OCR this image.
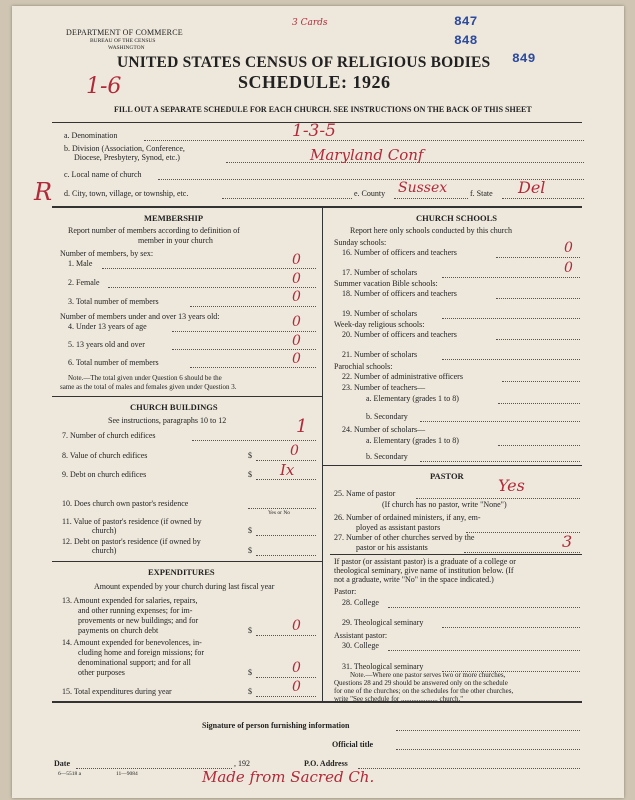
DEPARTMENT OF COMMERCE
BUREAU OF THE CENSUS
WASHINGTON
3 Cards	847
848
849
UNITED STATES CENSUS OF RELIGIOUS BODIES
SCHEDULE: 1926
1-6
FILL OUT A SEPARATE SCHEDULE FOR EACH CHURCH. SEE INSTRUCTIONS ON THE BACK OF THIS SHEET
a. Denomination	1-3-5
b. Division (Association, Conference,
Diocese, Presbytery, Synod, etc.)	Maryland Conf
c. Local name of church
d. City, town, village, or township, etc.	e. County Sussex	f. State Del
R
MEMBERSHIP
Report number of members according to definition of
member in your church
Number of members, by sex:
1. Male	0
2. Female	0
3. Total number of members	0
Number of members under and over 13 years old:
4. Under 13 years of age	0
5. 13 years old and over	0
6. Total number of members	0
Note.—The total given under Question 6 should be the
same as the total of males and females given under Question 3.
CHURCH BUILDINGS
See instructions, paragraphs 10 to 12
7. Number of church edifices	1
8. Value of church edifices	$	0
9. Debt on church edifices	$ Ix
10. Does church own pastor's residence
Yes or No
11. Value of pastor's residence (if owned by
church)	$
12. Debt on pastor's residence (if owned by
church)	$
EXPENDITURES
Amount expended by your church during last fiscal year
13. Amount expended for salaries, repairs,
and other running expenses; for im-
provements or new buildings; and for
payments on church debt	$	0
14. Amount expended for benevolences, in-
cluding home and foreign missions; for
denominational support; and for all
other purposes	$	0
15. Total expenditures during year	$	0
CHURCH SCHOOLS
Report here only schools conducted by this church
Sunday schools:
16. Number of officers and teachers	0
17. Number of scholars	0
Summer vacation Bible schools:
18. Number of officers and teachers
19. Number of scholars
Week-day religious schools:
20. Number of officers and teachers
21. Number of scholars
Parochial schools:
22. Number of administrative officers
23. Number of teachers—
a. Elementary (grades 1 to 8)
b. Secondary
24. Number of scholars—
a. Elementary (grades 1 to 8)
b. Secondary
PASTOR
25. Name of pastor	Yes
(If church has no pastor, write "None")
26. Number of ordained ministers, if any, em-
ployed as assistant pastors
27. Number of other churches served by the
pastor or his assistants	3
If pastor (or assistant pastor) is a graduate of a college or
theological seminary, give name of institution below. (If
not a graduate, write "No" in the space indicated.)
Pastor:
28. College
29. Theological seminary
Assistant pastor:
30. College
31. Theological seminary
Note.—Where one pastor serves two or more churches,
Questions 28 and 29 should be answered only on the schedule
for one of the churches; on the schedules for the other churches,
write "See schedule for ..................... church."
Signature of person furnishing information
Official title
Date	, 192	P.O. Address
6—5518 a	11—9084	Made from Sacred Ch.
